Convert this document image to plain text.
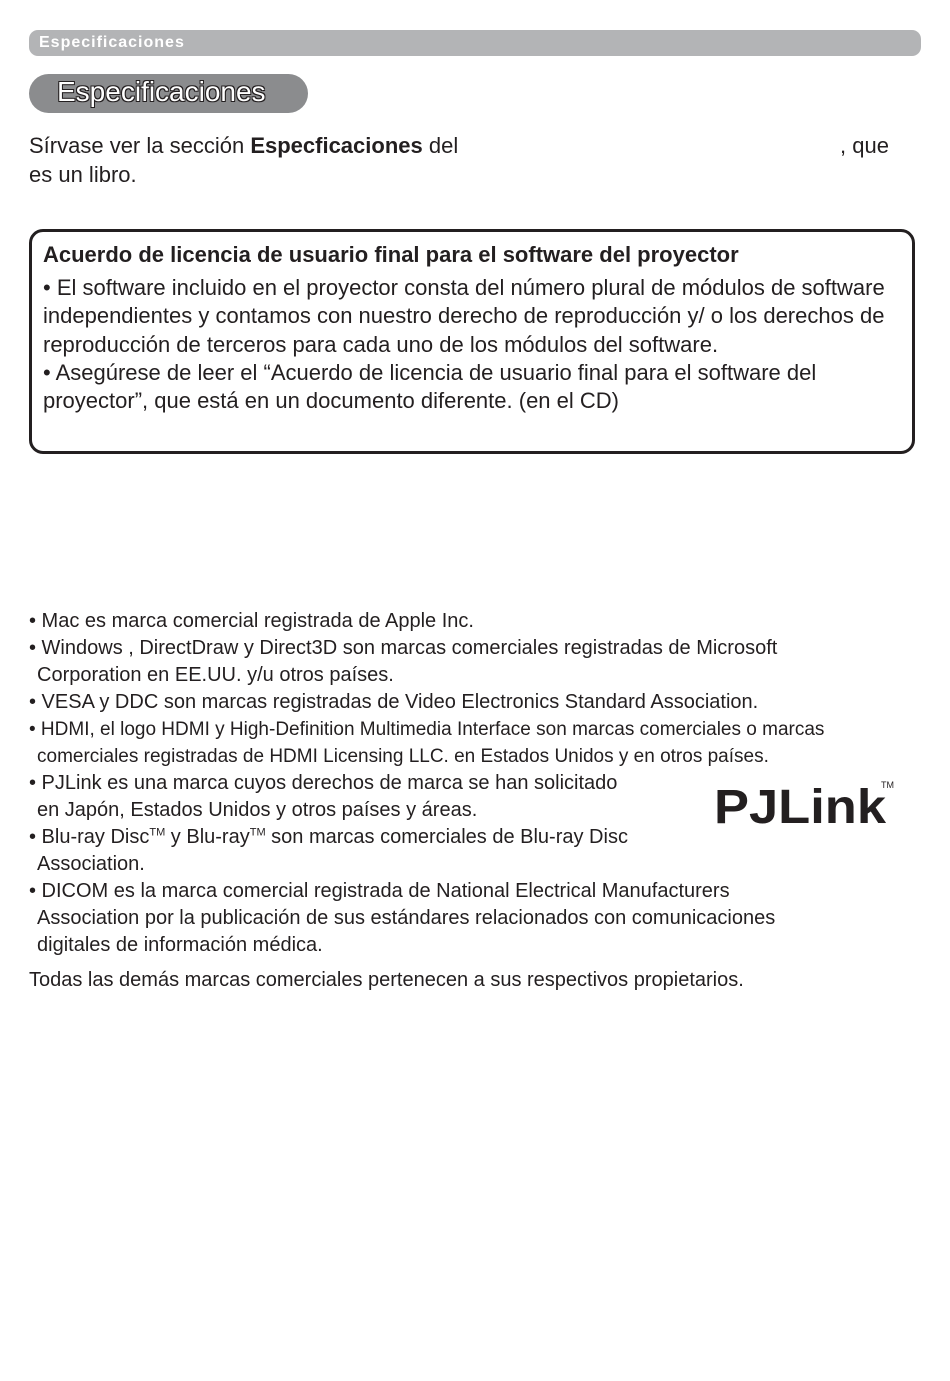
Especificaciones
Especificaciones
Sírvase ver la sección Especficaciones del	, que

es un libro.
Acuerdo de licencia de usuario final para el software del proyector

• El software incluido en el proyector consta del número plural de módulos de software independientes y contamos con nuestro derecho de reproducción y/ o los derechos de reproducción de terceros para cada uno de los módulos del software.

• Asegúrese de leer el “Acuerdo de licencia de usuario final para el software del proyector”, que está en un documento diferente. (en el CD)

• Mac es marca comercial registrada de Apple Inc.

• Windows , DirectDraw y Direct3D son marcas comerciales registradas de Microsoft

Corporation en EE.UU. y/u otros países.

• VESA y DDC son marcas registradas de Video Electronics Standard Association.

• HDMI, el logo HDMI y High-Definition Multimedia Interface son marcas comerciales o marcas

comerciales registradas de HDMI Licensing LLC. en Estados Unidos y en otros países.

• PJLink es una marca cuyos derechos de marca se han solicitado

en Japón, Estados Unidos y otros países y áreas.

• Blu-ray Disc™ y Blu-ray™ son marcas comerciales de Blu-ray Disc

Association.

• DICOM es la marca comercial registrada de National Electrical Manufacturers

Association por la publicación de sus estándares relacionados con comunicaciones

digitales de información médica.

Todas las demás marcas comerciales pertenecen a sus respectivos propietarios.
PJLink
TM
